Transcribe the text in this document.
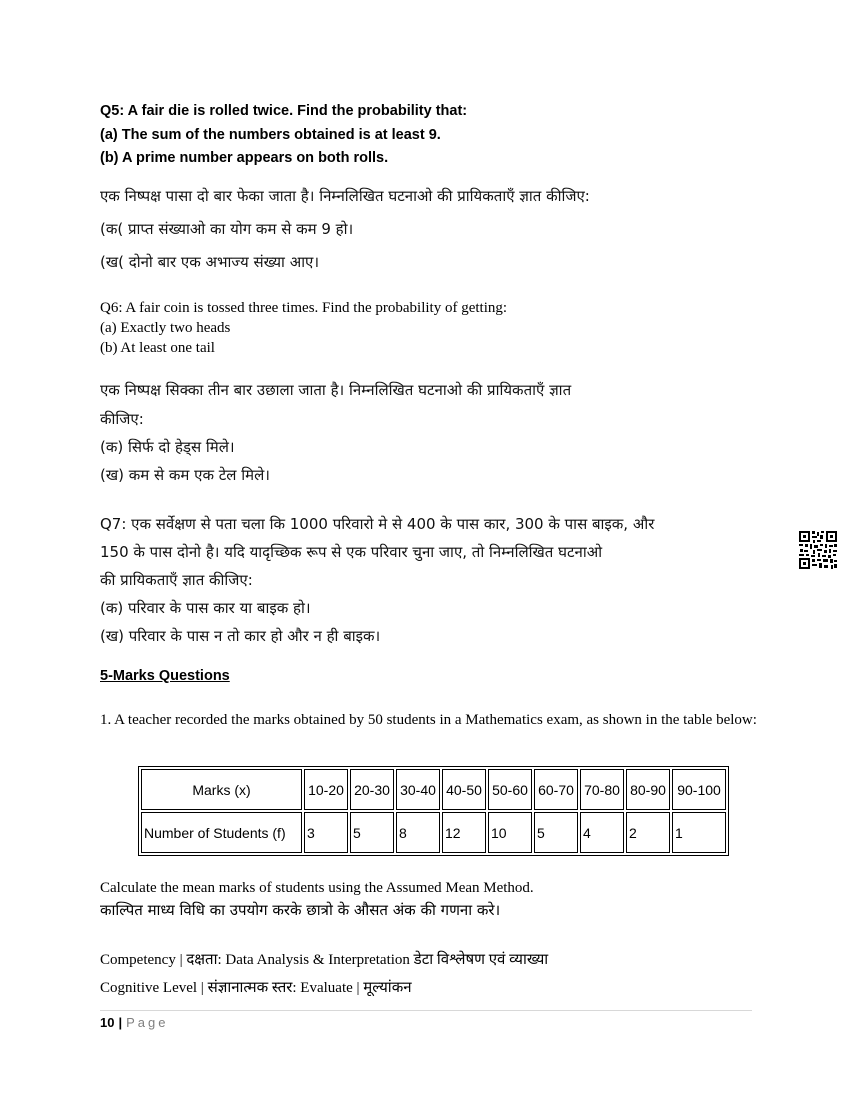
Q5: A fair die is rolled twice. Find the probability that:
(a) The sum of the numbers obtained is at least 9.
(b) A prime number appears on both rolls.
एक निष्पक्ष पासा दो बार फेका जाता है। निम्नलिखित घटनाओ की प्रायिकताएँ ज्ञात कीजिए:
(क( प्राप्त संख्याओ का योग कम से कम 9 हो।
(ख( दोनो बार एक अभाज्य संख्या आए।
Q6: A fair coin is tossed three times. Find the probability of getting:
(a) Exactly two heads
(b) At least one tail
एक निष्पक्ष सिक्का तीन बार उछाला जाता है। निम्नलिखित घटनाओ की प्रायिकताएँ ज्ञात
कीजिए:
(क) सिर्फ दो हेड्स मिले।
(ख) कम से कम एक टेल मिले।
Q7: एक सर्वेक्षण से पता चला कि 1000 परिवारो मे से 400 के पास कार, 300 के पास बाइक, और
150 के पास दोनो है। यदि यादृच्छिक रूप से एक परिवार चुना जाए, तो निम्नलिखित घटनाओ
की प्रायिकताएँ ज्ञात कीजिए:
(क) परिवार के पास कार या बाइक हो।
(ख) परिवार के पास न तो कार हो और न ही बाइक।
5-Marks Questions
1. A teacher recorded the marks obtained by 50 students in a Mathematics exam, as shown in the table below:
Marks (x)	10-20	20-30	30-40	40-50	50-60	60-70	70-80	80-90	90-100
Number of Students (f)	3	5	8	12	10	5	4	2	1
Calculate the mean marks of students using the Assumed Mean Method.
काल्पित माध्य विधि का उपयोग करके छात्रो के औसत अंक की गणना करे।
Competency | दक्षता: Data Analysis & Interpretation डेटा विश्लेषण एवं व्याख्या
Cognitive Level | संज्ञानात्मक स्तर: Evaluate | मूल्यांकन
10 | Page
